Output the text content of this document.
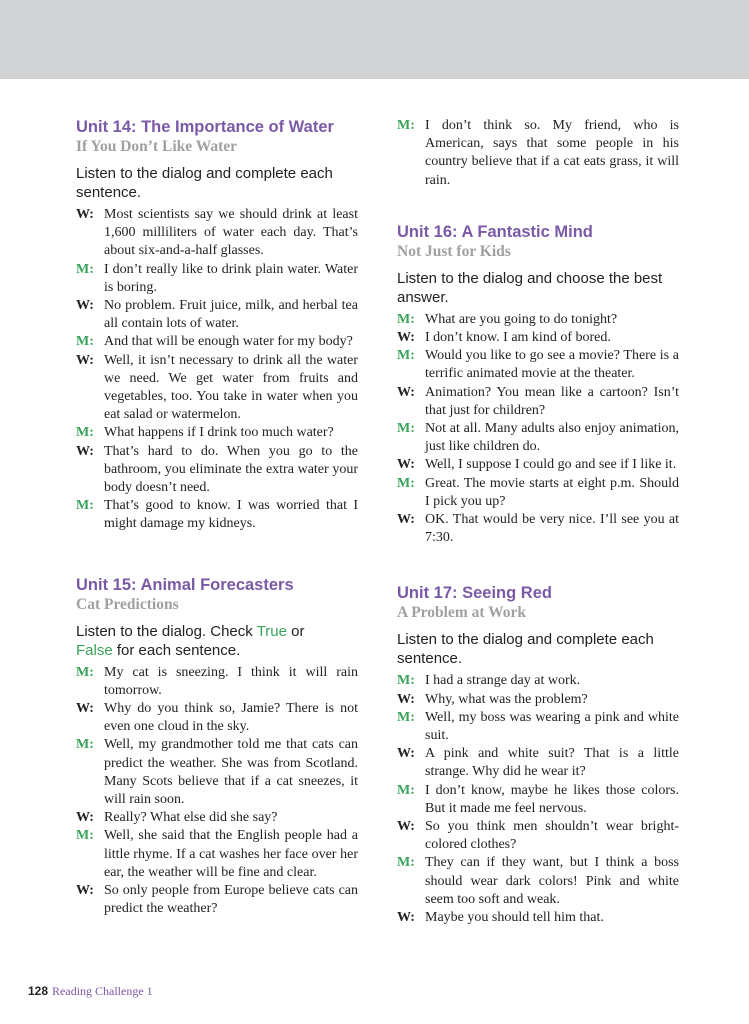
Unit 14: The Importance of Water
If You Don’t Like Water

Listen to the dialog and complete each sentence.

W: Most scientists say we should drink at least 1,600 milliliters of water each day. That’s about six-and-a-half glasses.
M: I don’t really like to drink plain water. Water is boring.
W: No problem. Fruit juice, milk, and herbal tea all contain lots of water.
M: And that will be enough water for my body?
W: Well, it isn’t necessary to drink all the water we need. We get water from fruits and vegetables, too. You take in water when you eat salad or watermelon.
M: What happens if I drink too much water?
W: That’s hard to do. When you go to the bathroom, you eliminate the extra water your body doesn’t need.
M: That’s good to know. I was worried that I might damage my kidneys.
Unit 15: Animal Forecasters
Cat Predictions

Listen to the dialog. Check True or
False for each sentence.

M: My cat is sneezing. I think it will rain tomorrow.
W: Why do you think so, Jamie? There is not even one cloud in the sky.
M: Well, my grandmother told me that cats can predict the weather. She was from Scotland. Many Scots believe that if a cat sneezes, it will rain soon.
W: Really? What else did she say?
M: Well, she said that the English people had a little rhyme. If a cat washes her face over her ear, the weather will be fine and clear.
W: So only people from Europe believe cats can predict the weather?
M: I don’t think so. My friend, who is American, says that some people in his country believe that if a cat eats grass, it will rain.
Unit 16: A Fantastic Mind
Not Just for Kids

Listen to the dialog and choose the best answer.

M: What are you going to do tonight?
W: I don’t know. I am kind of bored.
M: Would you like to go see a movie? There is a terrific animated movie at the theater.
W: Animation? You mean like a cartoon? Isn’t that just for children?
M: Not at all. Many adults also enjoy animation, just like children do.
W: Well, I suppose I could go and see if I like it.
M: Great. The movie starts at eight p.m. Should I pick you up?
W: OK. That would be very nice. I’ll see you at 7:30.
Unit 17: Seeing Red
A Problem at Work

Listen to the dialog and complete each sentence.

M: I had a strange day at work.
W: Why, what was the problem?
M: Well, my boss was wearing a pink and white suit.
W: A pink and white suit? That is a little strange. Why did he wear it?
M: I don’t know, maybe he likes those colors. But it made me feel nervous.
W: So you think men shouldn’t wear bright-colored clothes?
M: They can if they want, but I think a boss should wear dark colors! Pink and white seem too soft and weak.
W: Maybe you should tell him that.
128 Reading Challenge 1
